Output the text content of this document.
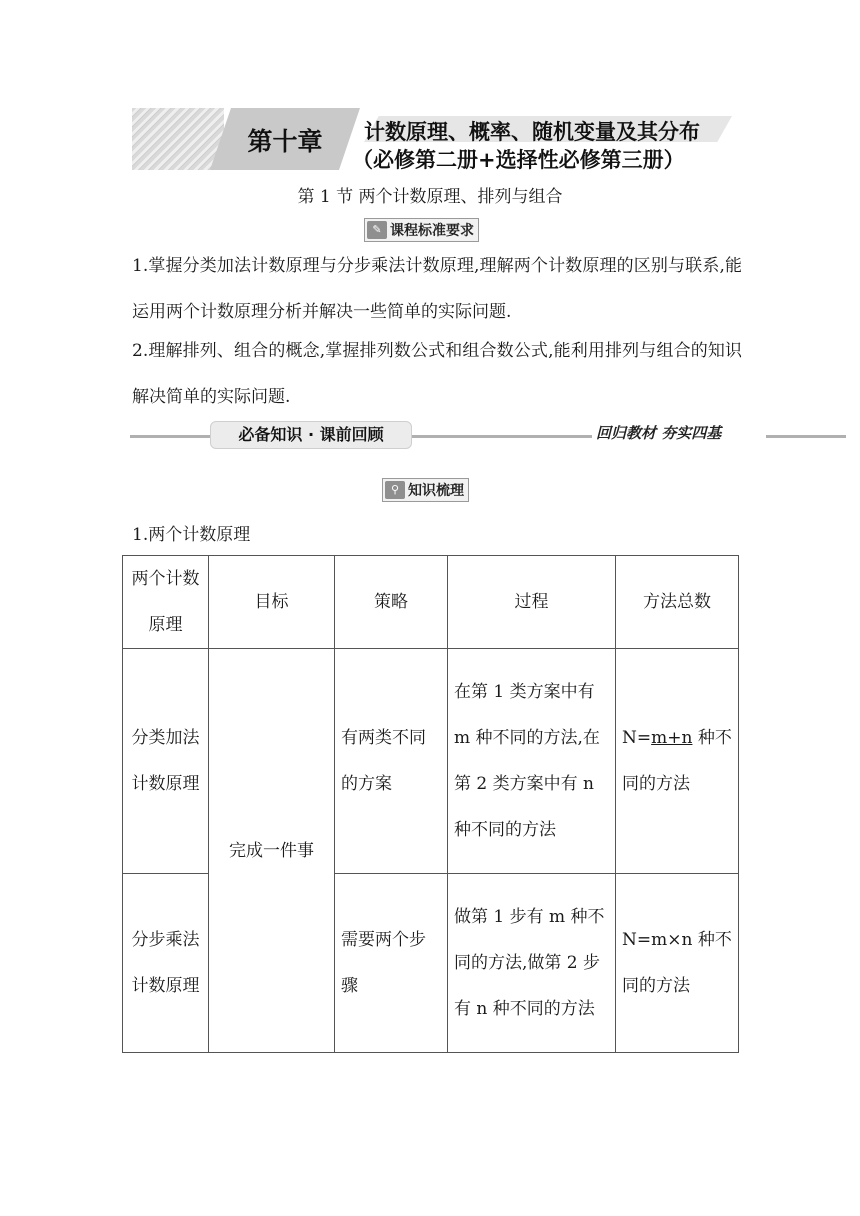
第十章	计数原理、概率、随机变量及其分布
（必修第二册+选择性必修第三册）
第 1 节 两个计数原理、排列与组合
✎ 课程标准要求
1.掌握分类加法计数原理与分步乘法计数原理,理解两个计数原理的区别与联系,能运用两个计数原理分析并解决一些简单的实际问题.
2.理解排列、组合的概念,掌握排列数公式和组合数公式,能利用排列与组合的知识解决简单的实际问题.
必备知识 · 课前回顾	回归教材 夯实四基
⚲ 知识梳理
1.两个计数原理
两个计数原理	目标	策略	过程	方法总数
分类加法计数原理	完成一件事	有两类不同的方案	在第 1 类方案中有 m 种不同的方法,在第 2 类方案中有 n 种不同的方法	N=m+n 种不同的方法
分步乘法计数原理		需要两个步骤	做第 1 步有 m 种不同的方法,做第 2 步有 n 种不同的方法	N=m×n 种不同的方法
